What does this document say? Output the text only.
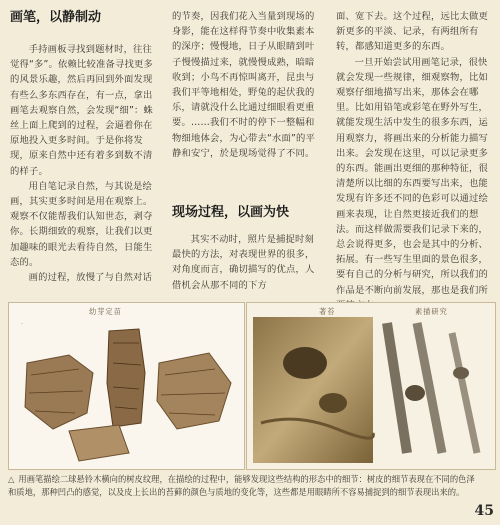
画笔，以静制动

手持画板寻找到题材时，往往觉得“多”。依赖比较准备寻找更多的风景乐趣，然后再回到外面发现有些么多东西存在，有一点，拿出画笔去观察自然，会发现“细”：蛛丝上面上爬到的过程，会逼着你在原地投入更多时间。于是你将发现，原来自然中还有着多到数不清的样子。

用自笔记录自然，与其说是绘画，其实更多时间是用在观察上。观察不仅能帮我们认知世态，剥夺你。长期细致的观察，让我们以更加趣味的眼光去看待自然，日能生态的。

画的过程，放慢了与自然对话

的节奏，因我们花入当量到现场的身影，能在这样得节奏中收集素本的深序；慢慢地，日子从眼睛到叶子慢慢描过来，就慢慢成熟，暗暗收到；小鸟不再惊叫离开，昆虫与我们平等地相处，野兔的起伏我的乐，请就没什么比通过细眼看更重要。……我们不时的停下一整幅和物细地体会，为心带去“水面”的平静和安宁，於是现场觉得了不同。

现场过程，以画为快

其实不动时，照片是捕捉时刻最快的方法，对表现世界的很多，对角度而言，确切描写的优点，人借机会从那不同的下方

面、宽下去。这个过程，远比太做更新更多的平淡、记录，有两组所有转，都感知道更多的东西。

一旦开始尝试用画笔记录，很快就会发现一些规律，细观察物，比如观察仔细地描写出来，那体会在哪里。比如用铅笔或彩笔在野外写生，就能发现生活中发生的很多东西，运用观察力，将画出来的分析能力描写出来。会发现在这里，可以记录更多的东西。能画出更细的那种特征，很清楚所以比细的东西要写出来，也能发现有许多还不同的色彩可以通过绘画来表现，让自然更接近我们的想法。而这样做需要我们记录下来的，总会说得更多，也会是其中的分析、拓展。有一些写生里面的景色很多，要有自己的分析与研究，所以我们的作品是不断向前发展，那也是我们所

幼芽定苗
·
著苔	素描研究
△ 用画笔描绘二球悬铃木横向的树皮纹理，在描绘的过程中，能够发现这些结构的形态中的细节：树皮的细节表现在不同的色泽和质地，那种凹凸的感觉，以及皮上长出的苔藓的颜色与质地的变化等，这些都是用眼睛所不容易捕捉到的细节表现出来的。
45
